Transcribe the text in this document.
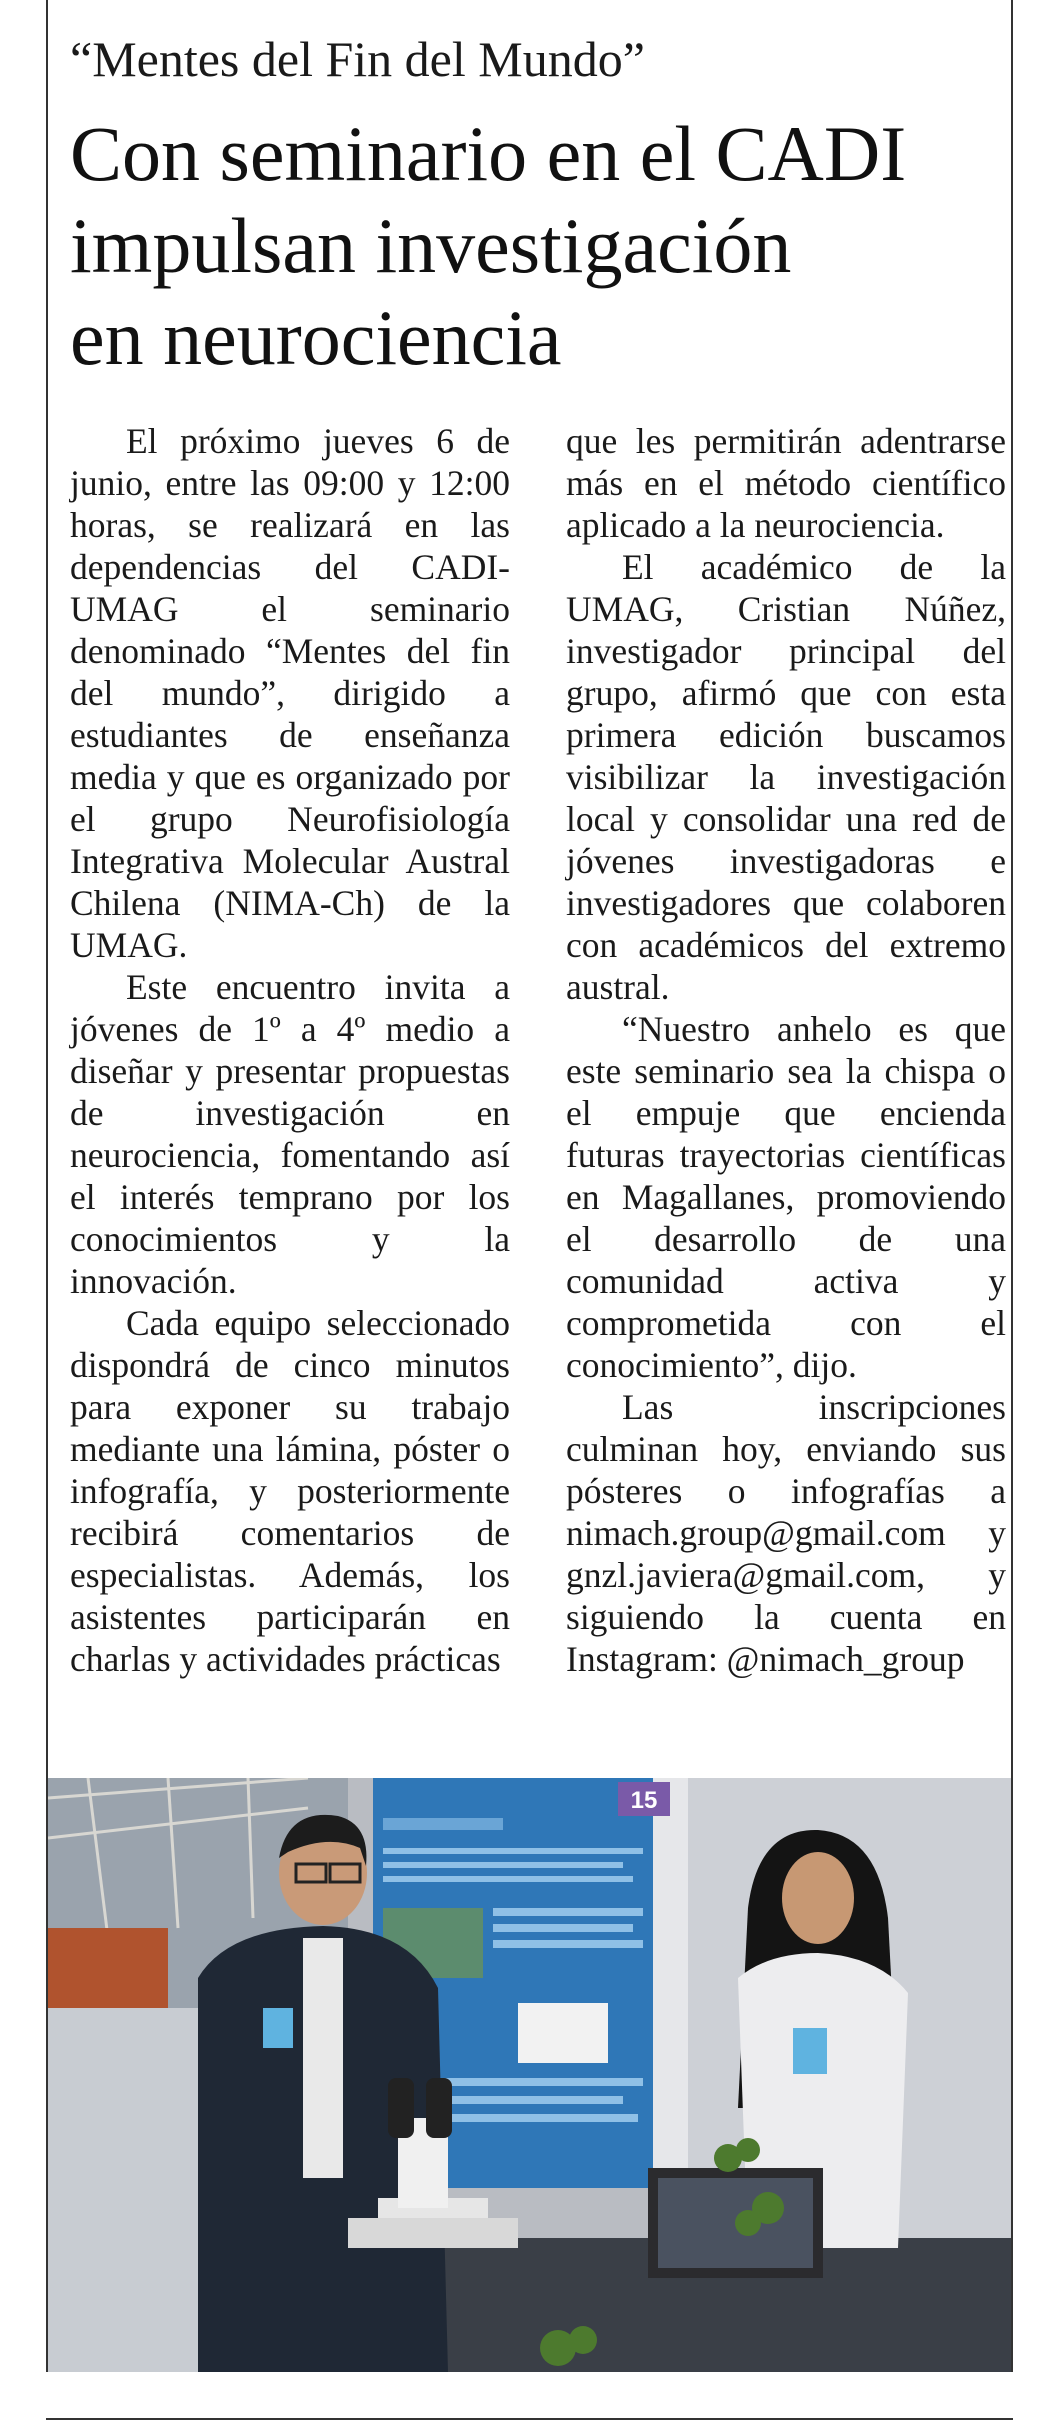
“Mentes del Fin del Mundo”
Con seminario en el CADI
impulsan investigación
en neurociencia

El próximo jueves 6 de junio, entre las 09:00 y 12:00 horas, se realizará en las dependencias del CADI-UMAG el seminario denominado “Mentes del fin del mundo”, dirigido a estudiantes de enseñanza media y que es organizado por el grupo Neurofisiología Integrativa Molecular Austral Chilena (NIMA-Ch) de la UMAG.

Este encuentro invita a jóvenes de 1º a 4º medio a diseñar y presentar propuestas de investigación en neurociencia, fomentando así el interés temprano por los conocimientos y la innovación.

Cada equipo seleccionado dispondrá de cinco minutos para exponer su trabajo mediante una lámina, póster o infografía, y posteriormente recibirá comentarios de especialistas. Además, los asistentes participarán en charlas y actividades prácticas

que les permitirán adentrarse más en el método científico aplicado a la neurociencia.

El académico de la UMAG, Cristian Núñez, investigador principal del grupo, afirmó que con esta primera edición buscamos visibilizar la investigación local y consolidar una red de jóvenes investigadoras e investigadores que colaboren con académicos del extremo austral.

“Nuestro anhelo es que este seminario sea la chispa o el empuje que encienda futuras trayectorias científicas en Magallanes, promoviendo el desarrollo de una comunidad activa y comprometida con el conocimiento”, dijo.

Las inscripciones culminan hoy, enviando sus pósteres o infografías a nimach.group@gmail.com y gnzl.javiera@gmail.com, y siguiendo la cuenta en Instagram: @nimach_group

15
